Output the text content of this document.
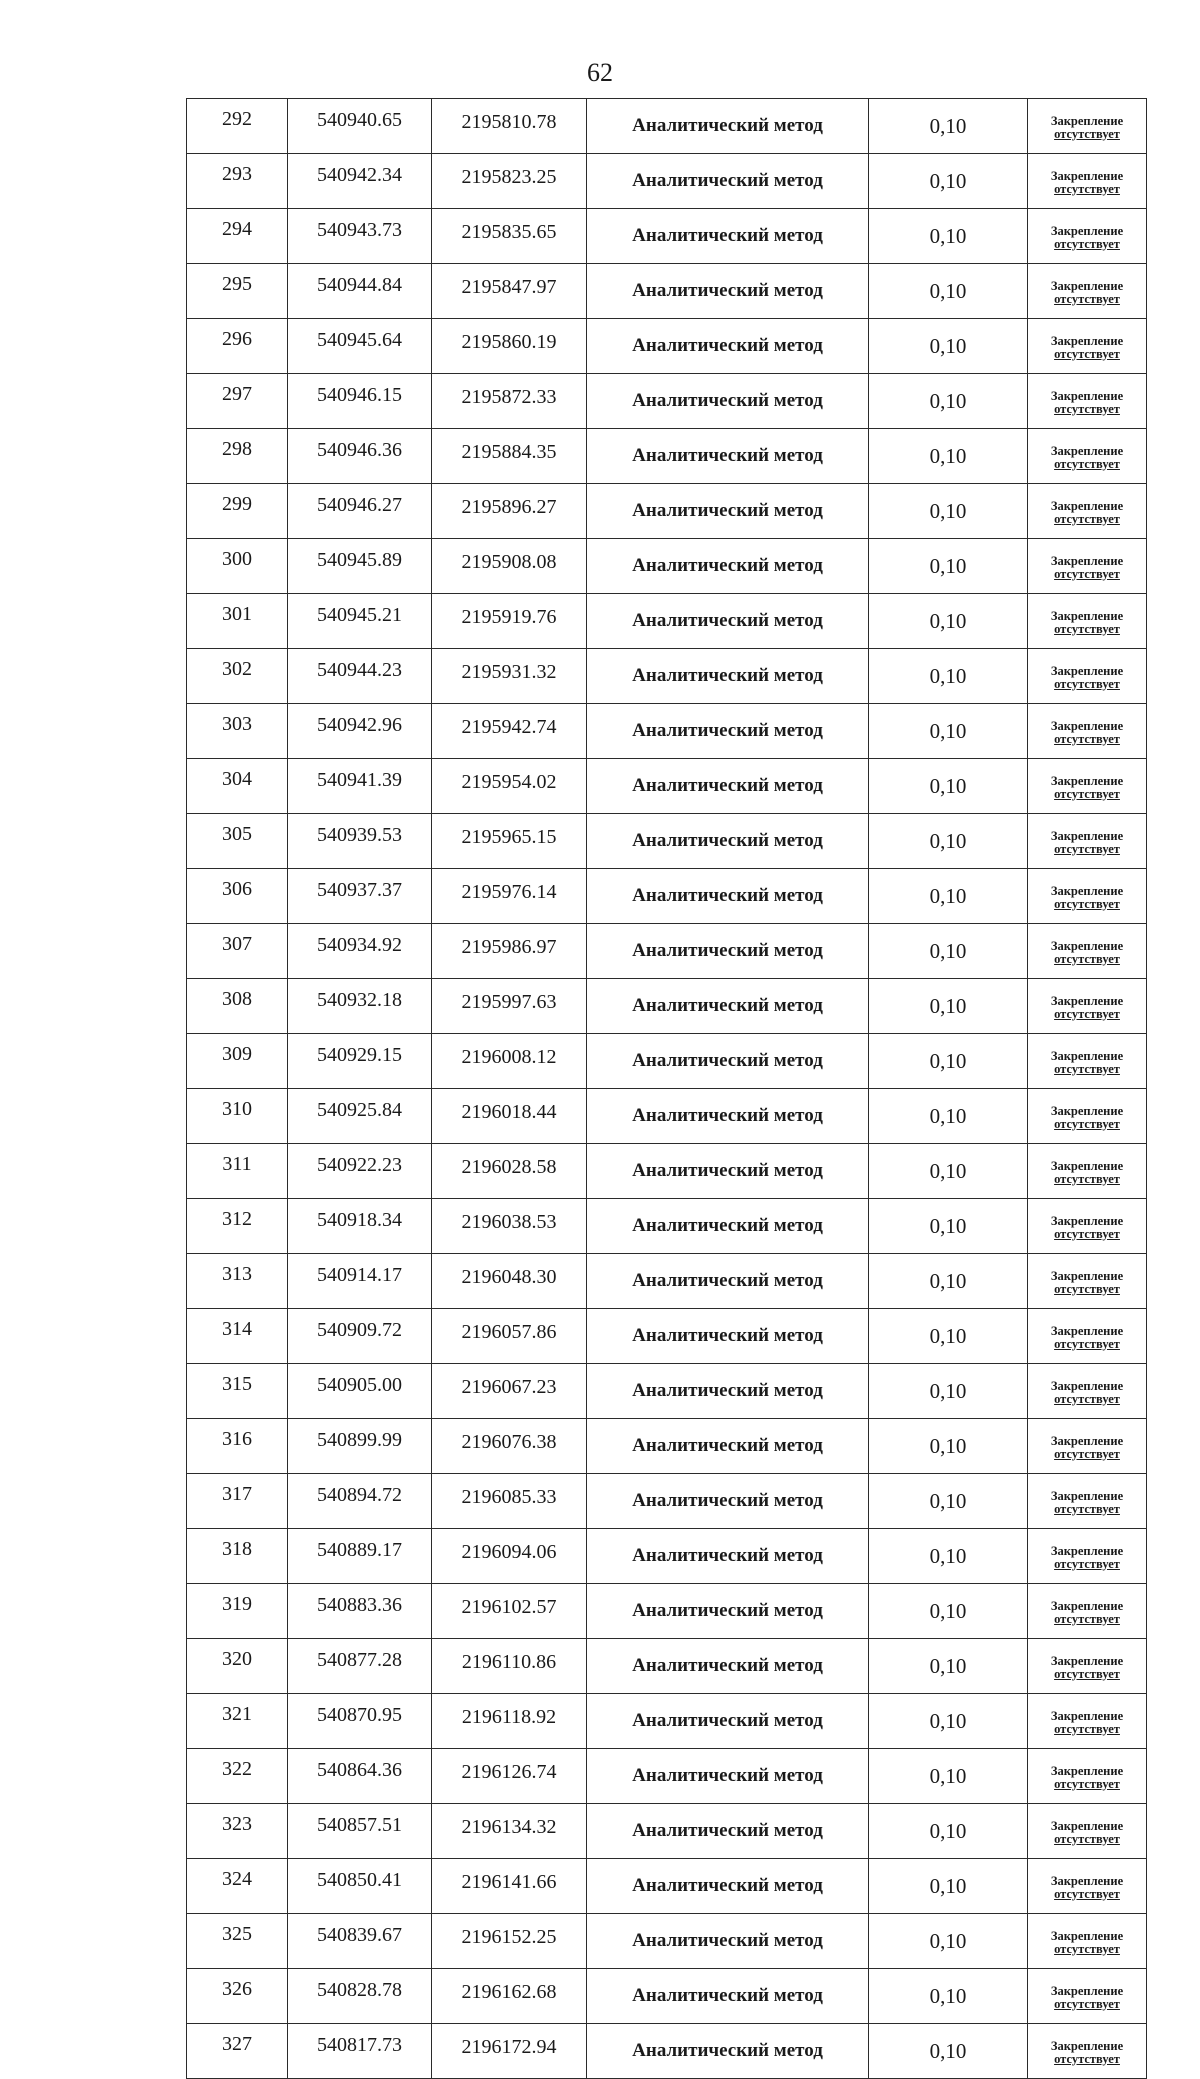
62
292	540940.65	2195810.78	Аналитический метод	0,10	Закрепление
отсутствует

293	540942.34	2195823.25	Аналитический метод	0,10	Закрепление
отсутствует

294	540943.73	2195835.65	Аналитический метод	0,10	Закрепление
отсутствует

295	540944.84	2195847.97	Аналитический метод	0,10	Закрепление
отсутствует

296	540945.64	2195860.19	Аналитический метод	0,10	Закрепление
отсутствует

297	540946.15	2195872.33	Аналитический метод	0,10	Закрепление
отсутствует

298	540946.36	2195884.35	Аналитический метод	0,10	Закрепление
отсутствует

299	540946.27	2195896.27	Аналитический метод	0,10	Закрепление
отсутствует

300	540945.89	2195908.08	Аналитический метод	0,10	Закрепление
отсутствует

301	540945.21	2195919.76	Аналитический метод	0,10	Закрепление
отсутствует

302	540944.23	2195931.32	Аналитический метод	0,10	Закрепление
отсутствует

303	540942.96	2195942.74	Аналитический метод	0,10	Закрепление
отсутствует

304	540941.39	2195954.02	Аналитический метод	0,10	Закрепление
отсутствует

305	540939.53	2195965.15	Аналитический метод	0,10	Закрепление
отсутствует

306	540937.37	2195976.14	Аналитический метод	0,10	Закрепление
отсутствует

307	540934.92	2195986.97	Аналитический метод	0,10	Закрепление
отсутствует

308	540932.18	2195997.63	Аналитический метод	0,10	Закрепление
отсутствует

309	540929.15	2196008.12	Аналитический метод	0,10	Закрепление
отсутствует

310	540925.84	2196018.44	Аналитический метод	0,10	Закрепление
отсутствует

311	540922.23	2196028.58	Аналитический метод	0,10	Закрепление
отсутствует

312	540918.34	2196038.53	Аналитический метод	0,10	Закрепление
отсутствует

313	540914.17	2196048.30	Аналитический метод	0,10	Закрепление
отсутствует

314	540909.72	2196057.86	Аналитический метод	0,10	Закрепление
отсутствует

315	540905.00	2196067.23	Аналитический метод	0,10	Закрепление
отсутствует

316	540899.99	2196076.38	Аналитический метод	0,10	Закрепление
отсутствует

317	540894.72	2196085.33	Аналитический метод	0,10	Закрепление
отсутствует

318	540889.17	2196094.06	Аналитический метод	0,10	Закрепление
отсутствует

319	540883.36	2196102.57	Аналитический метод	0,10	Закрепление
отсутствует

320	540877.28	2196110.86	Аналитический метод	0,10	Закрепление
отсутствует

321	540870.95	2196118.92	Аналитический метод	0,10	Закрепление
отсутствует

322	540864.36	2196126.74	Аналитический метод	0,10	Закрепление
отсутствует

323	540857.51	2196134.32	Аналитический метод	0,10	Закрепление
отсутствует

324	540850.41	2196141.66	Аналитический метод	0,10	Закрепление
отсутствует

325	540839.67	2196152.25	Аналитический метод	0,10	Закрепление
отсутствует

326	540828.78	2196162.68	Аналитический метод	0,10	Закрепление
отсутствует

327	540817.73	2196172.94	Аналитический метод	0,10	Закрепление
отсутствует
